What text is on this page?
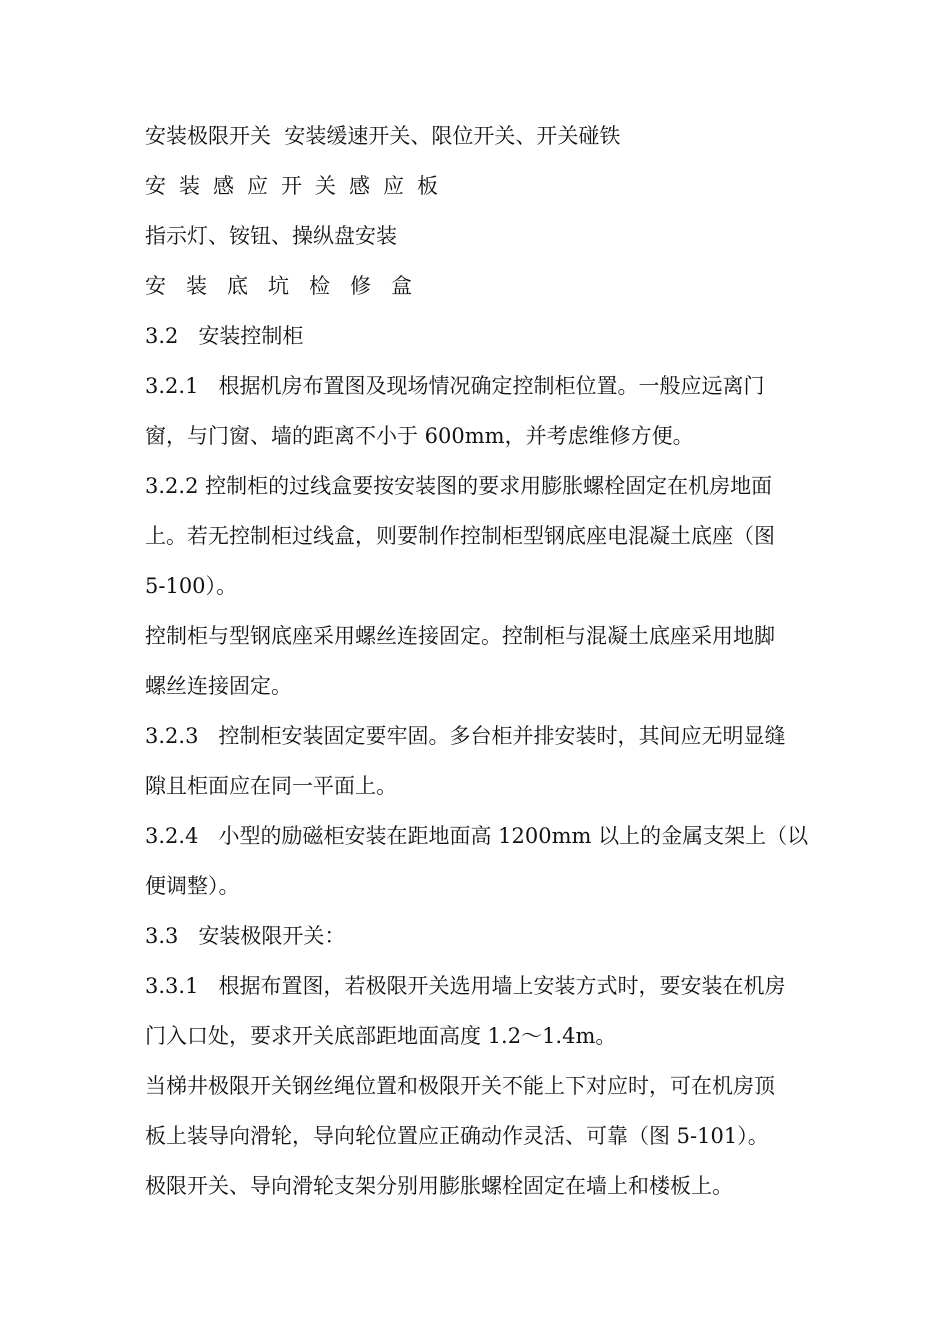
安装极限开关  安装缓速开关、限位开关、开关碰铁

安装感应开关感应板

指示灯、铵钮、操纵盘安装

安装底坑检修盒

3.2   安装控制柜

3.2.1   根据机房布置图及现场情况确定控制柜位置。一般应远离门

窗，与门窗、墙的距离不小于 600mm，并考虑维修方便。

3.2.2 控制柜的过线盒要按安装图的要求用膨胀螺栓固定在机房地面

上。若无控制柜过线盒，则要制作控制柜型钢底座电混凝土底座（图

5-100）。

控制柜与型钢底座采用螺丝连接固定。控制柜与混凝土底座采用地脚

螺丝连接固定。

3.2.3   控制柜安装固定要牢固。多台柜并排安装时，其间应无明显缝

隙且柜面应在同一平面上。

3.2.4   小型的励磁柜安装在距地面高 1200mm 以上的金属支架上（以

便调整）。

3.3   安装极限开关：

3.3.1   根据布置图，若极限开关选用墙上安装方式时，要安装在机房

门入口处，要求开关底部距地面高度 1.2～1.4m。

当梯井极限开关钢丝绳位置和极限开关不能上下对应时，可在机房顶

板上装导向滑轮，导向轮位置应正确动作灵活、可靠（图 5-101）。

极限开关、导向滑轮支架分别用膨胀螺栓固定在墙上和楼板上。
